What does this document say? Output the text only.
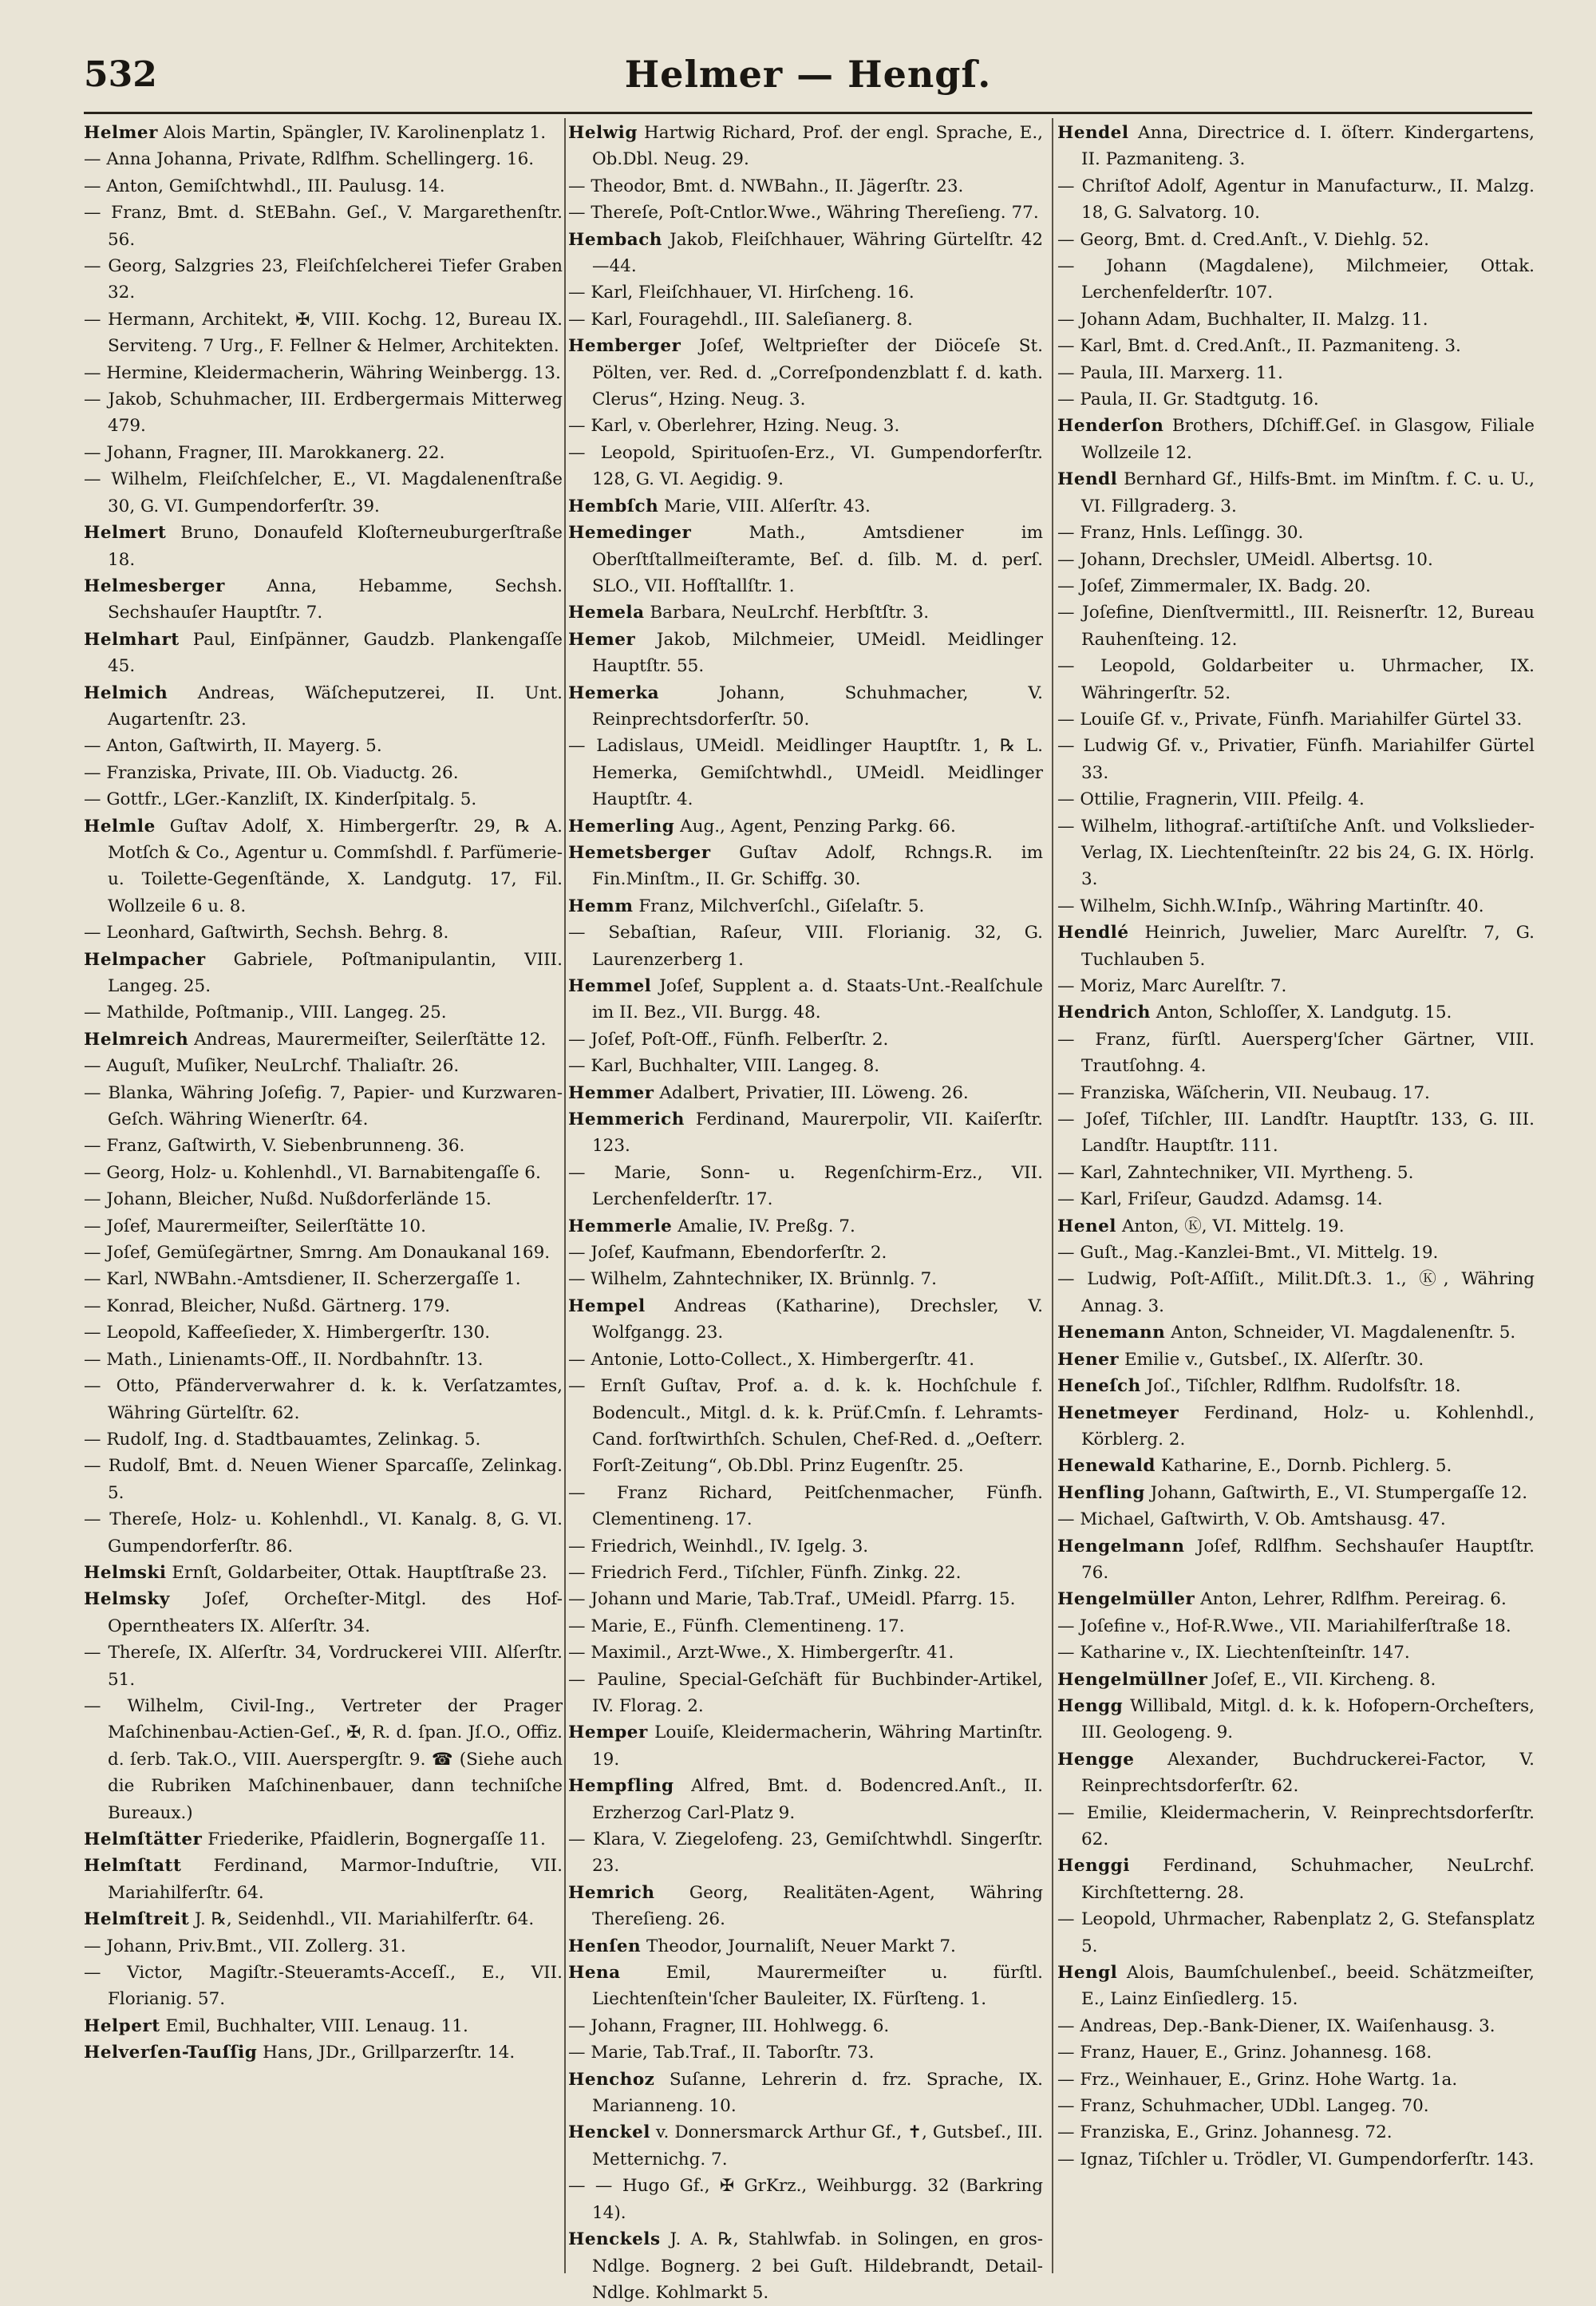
532	Helmer — Hengſ.

Helmer Alois Martin, Spängler, IV. Karolinenplatz 1.

— Anna Johanna, Private, Rdlfhm. Schellingerg. 16.

— Anton, Gemiſchtwhdl., III. Paulusg. 14.

— Franz, Bmt. d. StEBahn. Geſ., V. Margarethenſtr. 56.

— Georg, Salzgries 23, Fleiſchſelcherei Tiefer Graben 32.

— Hermann, Architekt, ✠, VIII. Kochg. 12, Bureau IX. Servitеng. 7 Urg., F. Fellner & Helmer, Architekten.

— Hermine, Kleidermacherin, Währing Weinbergg. 13.

— Jakob, Schuhmacher, III. Erdbergermais Mitterweg 479.

— Johann, Fragner, III. Marokkanerg. 22.

— Wilhelm, Fleiſchſelcher, E., VI. Magdalenenſtraße 30, G. VI. Gumpendorferſtr. 39.

Helmert Bruno, Donaufeld Kloſterneuburgerſtraße 18.

Helmesberger Anna, Hebamme, Sechsh. Sechshauſer Hauptſtr. 7.

Helmhart Paul, Einſpänner, Gaudzb. Plankengaſſe 45.

Helmich Andreas, Wäſcheputzerei, II. Unt. Augartenſtr. 23.

— Anton, Gaſtwirth, II. Mayerg. 5.

— Franziska, Private, III. Ob. Viaductg. 26.

— Gottfr., LGer.-Kanzliſt, IX. Kinderſpitalg. 5.

Helmle Guſtav Adolf, X. Himbergerſtr. 29, ℞ A. Motſch & Co., Agentur u. Commſshdl. f. Parfümerie- u. Toilette-Gegenſtände, X. Landgutg. 17, Fil. Wollzeile 6 u. 8.

— Leonhard, Gaſtwirth, Sechsh. Behrg. 8.

Helmpacher Gabriele, Poſtmanipulantin, VIII. Langeg. 25.

— Mathilde, Poſtmanip., VIII. Langeg. 25.

Helmreich Andreas, Maurermeiſter, Seilerſtätte 12.

— Auguſt, Muſiker, NeuLrchf. Thaliaſtr. 26.

— Blanka, Währing Joſefig. 7, Papier- und Kurzwaren-Geſch. Währing Wienerſtr. 64.

— Franz, Gaſtwirth, V. Siebenbrunneng. 36.

— Georg, Holz- u. Kohlenhdl., VI. Barnabitengaſſe 6.

— Johann, Bleicher, Nußd. Nußdorferlände 15.

— Joſef, Maurermeiſter, Seilerſtätte 10.

— Joſef, Gemüſegärtner, Smrng. Am Donaukanal 169.

— Karl, NWBahn.-Amtsdiener, II. Scherzergaſſe 1.

— Konrad, Bleicher, Nußd. Gärtnerg. 179.

— Leopold, Kaffeeſieder, X. Himbergerſtr. 130.

— Math., Linienamts-Off., II. Nordbahnſtr. 13.

— Otto, Pfänderverwahrer d. k. k. Verſatzamtes, Währing Gürtelſtr. 62.

— Rudolf, Ing. d. Stadtbauamtes, Zelinkag. 5.

— Rudolf, Bmt. d. Neuen Wiener Sparcaſſe, Zelinkag. 5.

— Thereſe, Holz- u. Kohlenhdl., VI. Kanalg. 8, G. VI. Gumpendorferſtr. 86.

Helmski Ernſt, Goldarbeiter, Ottak. Hauptſtraße 23.

Helmsky Joſef, Orcheſter-Mitgl. des Hof-Operntheaters IX. Alſerſtr. 34.

— Thereſe, IX. Alſerſtr. 34, Vordruckerei VIII. Alſerſtr. 51.

— Wilhelm, Civil-Ing., Vertreter der Prager Maſchinenbau-Actien-Geſ., ✠, R. d. ſpan. Jſ.O., Offiz. d. ſerb. Tak.O., VIII. Auerspergſtr. 9. ☎ (Siehe auch die Rubriken Maſchinenbauer, dann techniſche Bureaux.)

Helmſtätter Friederike, Pfaidlerin, Bognergaſſe 11.

Helmſtatt Ferdinand, Marmor-Induſtrie, VII. Mariahilferſtr. 64.

Helmſtreit J. ℞, Seidenhdl., VII. Mariahilferſtr. 64.

— Johann, Priv.Bmt., VII. Zollerg. 31.

— Victor, Magiſtr.-Steueramts-Acceſſ., E., VII. Florianig. 57.

Helpert Emil, Buchhalter, VIII. Lenaug. 11.

Helverſen-Tauſſig Hans, JDr., Grillparzerſtr. 14.

Helwig Hartwig Richard, Prof. der engl. Sprache, E., Ob.Dbl. Neug. 29.

— Theodor, Bmt. d. NWBahn., II. Jägerſtr. 23.

— Thereſe, Poſt-Cntlor.Wwe., Währing Thereſieng. 77.

Hembach Jakob, Fleiſchhauer, Währing Gürtelſtr. 42—44.

— Karl, Fleiſchhauer, VI. Hirſcheng. 16.

— Karl, Fouragehdl., III. Saleſianerg. 8.

Hemberger Joſef, Weltprieſter der Diöceſe St. Pölten, ver. Red. d. „Correſpondenzblatt f. d. kath. Clerus“, Hzing. Neug. 3.

— Karl, v. Oberlehrer, Hzing. Neug. 3.

— Leopold, Spirituoſen-Erz., VI. Gumpendorferſtr. 128, G. VI. Aegidig. 9.

Hembſch Marie, VIII. Alſerſtr. 43.

Hemedinger Math., Amtsdiener im Oberſtſtallmeiſteramte, Beſ. d. ſilb. M. d. perſ. SLO., VII. Hofſtallſtr. 1.

Hemela Barbara, NeuLrchf. Herbſtſtr. 3.

Hemer Jakob, Milchmeier, UMeidl. Meidlinger Hauptſtr. 55.

Hemerka Johann, Schuhmacher, V. Reinprechtsdorferſtr. 50.

— Ladislaus, UMeidl. Meidlinger Hauptſtr. 1, ℞ L. Hemerka, Gemiſchtwhdl., UMeidl. Meidlinger Hauptſtr. 4.

Hemerling Aug., Agent, Penzing Parkg. 66.

Hemetsberger Guſtav Adolf, Rchngs.R. im Fin.Minſtm., II. Gr. Schiffg. 30.

Hemm Franz, Milchverſchl., Giſelaſtr. 5.

— Sebaſtian, Raſeur, VIII. Florianig. 32, G. Laurenzerberg 1.

Hemmel Joſef, Supplent a. d. Staats-Unt.-Realſchule im II. Bez., VII. Burgg. 48.

— Joſef, Poſt-Off., Fünfh. Felberſtr. 2.

— Karl, Buchhalter, VIII. Langeg. 8.

Hemmer Adalbert, Privatier, III. Löweng. 26.

Hemmerich Ferdinand, Maurerpolir, VII. Kaiſerſtr. 123.

— Marie, Sonn- u. Regenſchirm-Erz., VII. Lerchenfelderſtr. 17.

Hemmerle Amalie, IV. Preßg. 7.

— Joſef, Kaufmann, Ebendorferſtr. 2.

— Wilhelm, Zahntechniker, IX. Brünnlg. 7.

Hempel Andreas (Katharine), Drechsler, V. Wolfgangg. 23.

— Antonie, Lotto-Collect., X. Himbergerſtr. 41.

— Ernſt Guſtav, Prof. a. d. k. k. Hochſchule f. Bodencult., Mitgl. d. k. k. Prüf.Cmſn. f. Lehramts-Cand. forſtwirthſch. Schulen, Chef-Red. d. „Oeſterr. Forſt-Zeitung“, Ob.Dbl. Prinz Eugenſtr. 25.

— Franz Richard, Peitſchenmacher, Fünfh. Clementineng. 17.

— Friedrich, Weinhdl., IV. Igelg. 3.

— Friedrich Ferd., Tiſchler, Fünfh. Zinkg. 22.

— Johann und Marie, Tab.Traf., UMeidl. Pfarrg. 15.

— Marie, E., Fünfh. Clementineng. 17.

— Maximil., Arzt-Wwe., X. Himbergerſtr. 41.

— Pauline, Special-Geſchäft für Buchbinder-Artikel, IV. Florag. 2.

Hemper Louiſe, Kleidermacherin, Währing Martinſtr. 19.

Hempfling Alfred, Bmt. d. Bodencred.Anſt., II. Erzherzog Carl-Platz 9.

— Klara, V. Ziegelofeng. 23, Gemiſchtwhdl. Singerſtr. 23.

Hemrich Georg, Realitäten-Agent, Währing Thereſieng. 26.

Henſen Theodor, Journaliſt, Neuer Markt 7.

Hena Emil, Maurermeiſter u. fürſtl. Liechtenſtein'ſcher Bauleiter, IX. Fürſteng. 1.

— Johann, Fragner, III. Hohlwegg. 6.

— Marie, Tab.Traf., II. Taborſtr. 73.

Henchoz Suſanne, Lehrerin d. frz. Sprache, IX. Marianneng. 10.

Henckel v. Donnersmarck Arthur Gf., ✝, Gutsbeſ., III. Metternichg. 7.

— — Hugo Gf., ✠ GrKrz., Weihburgg. 32 (Barkring 14).

Henckels J. A. ℞, Stahlwfab. in Solingen, en gros-Ndlge. Bognerg. 2 bei Guſt. Hildebrandt, Detail-Ndlge. Kohlmarkt 5.

Hendel Anna, Directrice d. I. öſterr. Kindergartens, II. Pazmaniteng. 3.

— Chriſtof Adolf, Agentur in Manufacturw., II. Malzg. 18, G. Salvatorg. 10.

— Georg, Bmt. d. Cred.Anſt., V. Diehlg. 52.

— Johann (Magdalene), Milchmeier, Ottak. Lerchenfelderſtr. 107.

— Johann Adam, Buchhalter, II. Malzg. 11.

— Karl, Bmt. d. Cred.Anſt., II. Pazmaniteng. 3.

— Paula, III. Marxerg. 11.

— Paula, II. Gr. Stadtgutg. 16.

Henderſon Brothers, Dſchiff.Geſ. in Glasgow, Filiale Wollzeile 12.

Hendl Bernhard Gf., Hilfs-Bmt. im Minſtm. f. C. u. U., VI. Fillgraderg. 3.

— Franz, Hnls. Leſſingg. 30.

— Johann, Drechsler, UMeidl. Albertsg. 10.

— Joſef, Zimmermaler, IX. Badg. 20.

— Joſefine, Dienſtvermittl., III. Reisnerſtr. 12, Bureau Rauhenſteing. 12.

— Leopold, Goldarbeiter u. Uhrmacher, IX. Währingerſtr. 52.

— Louiſe Gf. v., Private, Fünfh. Mariahilfer Gürtel 33.

— Ludwig Gf. v., Privatier, Fünfh. Mariahilfer Gürtel 33.

— Ottilie, Fragnerin, VIII. Pfeilg. 4.

— Wilhelm, lithograf.-artiſtiſche Anſt. und Volkslieder-Verlag, IX. Liechtenſteinſtr. 22 bis 24, G. IX. Hörlg. 3.

— Wilhelm, Sichh.W.Inſp., Währing Martinſtr. 40.

Hendlé Heinrich, Juwelier, Marc Aurelſtr. 7, G. Tuchlauben 5.

— Moriz, Marc Aurelſtr. 7.

Hendrich Anton, Schloſſer, X. Landgutg. 15.

— Franz, fürſtl. Auersperg'ſcher Gärtner, VIII. Trautſohng. 4.

— Franziska, Wäſcherin, VII. Neubaug. 17.

— Joſef, Tiſchler, III. Landſtr. Hauptſtr. 133, G. III. Landſtr. Hauptſtr. 111.

— Karl, Zahntechniker, VII. Myrtheng. 5.

— Karl, Friſeur, Gaudzd. Adamsg. 14.

Henel Anton, Ⓚ, VI. Mittelg. 19.

— Guſt., Mag.-Kanzlei-Bmt., VI. Mittelg. 19.

— Ludwig, Poſt-Aſſiſt., Milit.Dſt.3. 1., Ⓚ, Währing Annag. 3.

Henemann Anton, Schneider, VI. Magdalenenſtr. 5.

Hener Emilie v., Gutsbeſ., IX. Alſerſtr. 30.

Heneſch Joſ., Tiſchler, Rdlfhm. Rudolfsſtr. 18.

Henetmeyer Ferdinand, Holz- u. Kohlenhdl., Körblerg. 2.

Henewald Katharine, E., Dornb. Pichlerg. 5.

Henfling Johann, Gaſtwirth, E., VI. Stumpergaſſe 12.

— Michael, Gaſtwirth, V. Ob. Amtshausg. 47.

Hengelmann Joſef, Rdlfhm. Sechshauſer Hauptſtr. 76.

Hengelmüller Anton, Lehrer, Rdlfhm. Pereirag. 6.

— Joſefine v., Hof-R.Wwe., VII. Mariahilferſtraße 18.

— Katharine v., IX. Liechtenſteinſtr. 147.

Hengelmüllner Joſef, E., VII. Kircheng. 8.

Hengg Willibald, Mitgl. d. k. k. Hofopern-Orcheſters, III. Geologeng. 9.

Hengge Alexander, Buchdruckerei-Factor, V. Reinprechtsdorferſtr. 62.

— Emilie, Kleidermacherin, V. Reinprechtsdorferſtr. 62.

Henggi Ferdinand, Schuhmacher, NeuLrchf. Kirchſtetterng. 28.

— Leopold, Uhrmacher, Rabenplatz 2, G. Stefansplatz 5.

Hengl Alois, Baumſchulenbeſ., beeid. Schätzmeiſter, E., Lainz Einſiedlerg. 15.

— Andreas, Dep.-Bank-Diener, IX. Waiſenhausg. 3.

— Franz, Hauer, E., Grinz. Johannesg. 168.

— Frz., Weinhauer, E., Grinz. Hohe Wartg. 1a.

— Franz, Schuhmacher, UDbl. Langeg. 70.

— Franziska, E., Grinz. Johannesg. 72.

— Ignaz, Tiſchler u. Trödler, VI. Gumpendorferſtr. 143.
